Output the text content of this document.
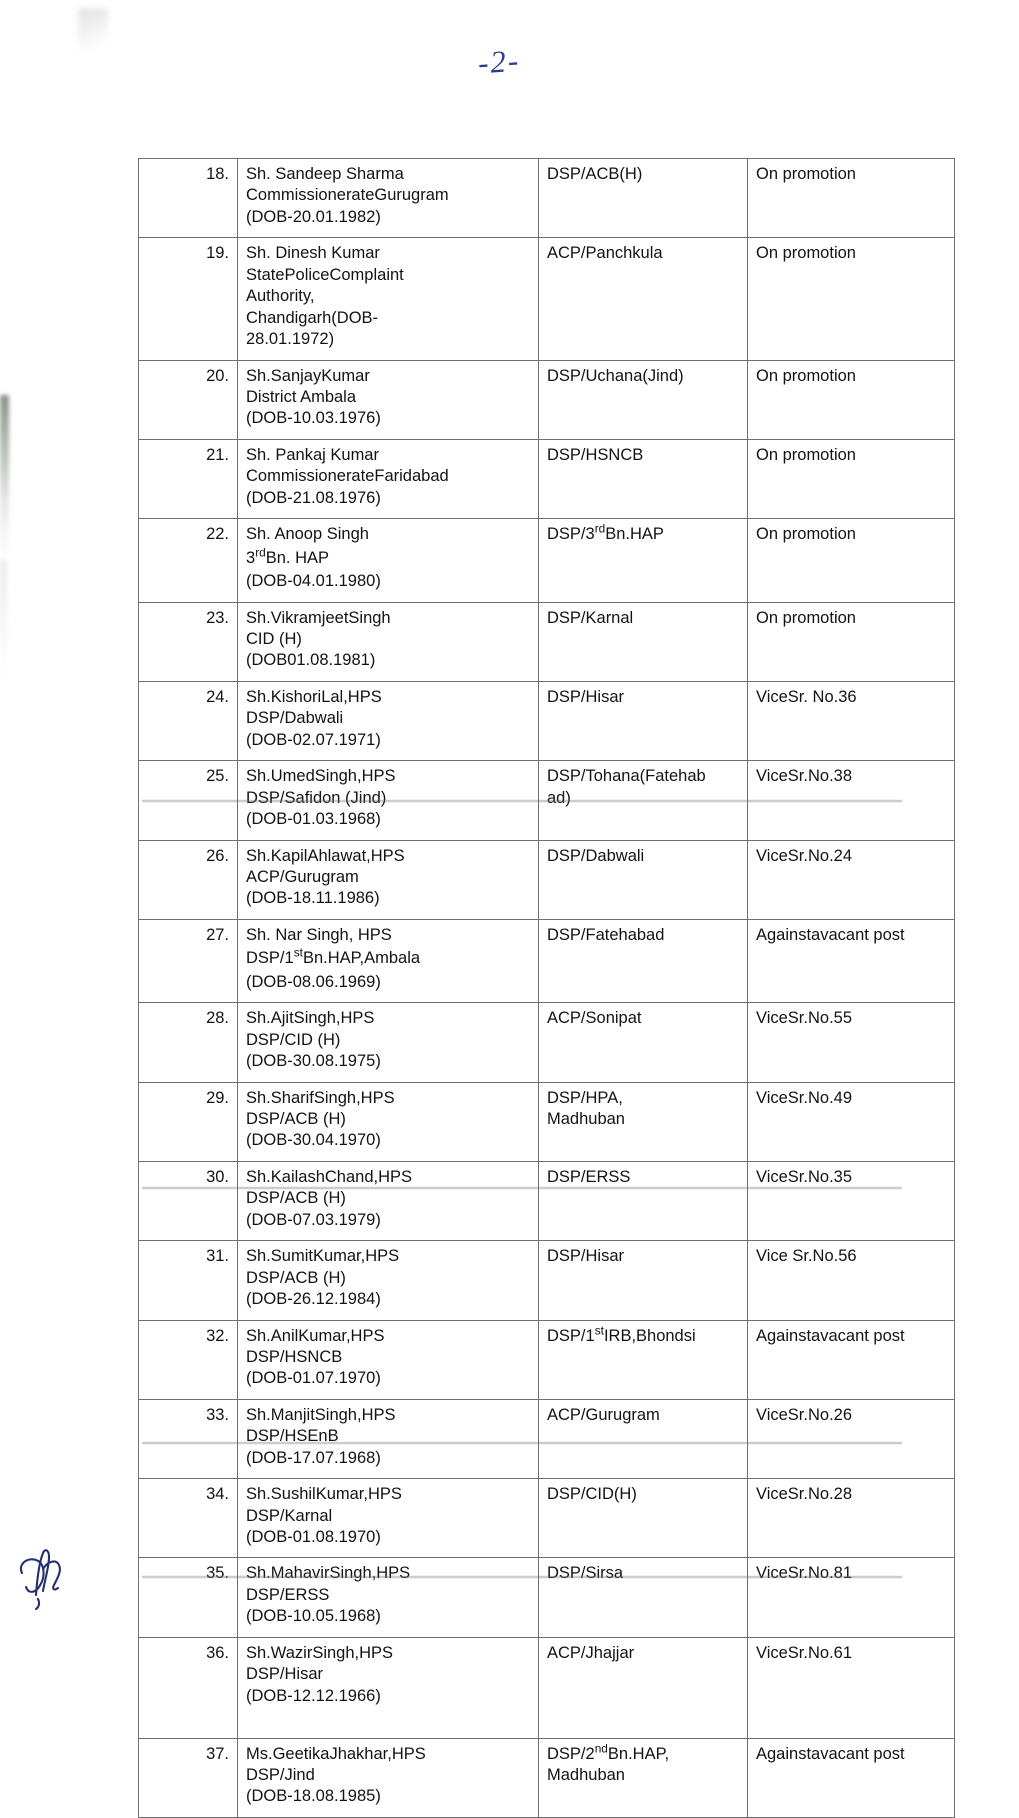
-2-
18.	Sh. Sandeep Sharma
CommissionerateGurugram
(DOB-20.01.1982)	DSP/ACB(H)	On promotion
19.	Sh. Dinesh Kumar
StatePoliceComplaint
Authority,
Chandigarh(DOB-
28.01.1972)	ACP/Panchkula	On promotion
20.	Sh.SanjayKumar
District Ambala
(DOB-10.03.1976)	DSP/Uchana(Jind)	On promotion
21.	Sh. Pankaj Kumar
CommissionerateFaridabad
(DOB-21.08.1976)	DSP/HSNCB	On promotion
22.	Sh. Anoop Singh
3rdBn. HAP
(DOB-04.01.1980)	DSP/3rdBn.HAP	On promotion
23.	Sh.VikramjeetSingh
CID (H)
(DOB01.08.1981)	DSP/Karnal	On promotion
24.	Sh.KishoriLal,HPS
DSP/Dabwali
(DOB-02.07.1971)	DSP/Hisar	ViceSr. No.36
25.	Sh.UmedSingh,HPS
DSP/Safidon (Jind)
(DOB-01.03.1968)	DSP/Tohana(Fatehab
ad)	ViceSr.No.38
26.	Sh.KapilAhlawat,HPS
ACP/Gurugram
(DOB-18.11.1986)	DSP/Dabwali	ViceSr.No.24
27.	Sh. Nar Singh, HPS
DSP/1stBn.HAP,Ambala
(DOB-08.06.1969)	DSP/Fatehabad	Againstavacant post
28.	Sh.AjitSingh,HPS
DSP/CID (H)
(DOB-30.08.1975)	ACP/Sonipat	ViceSr.No.55
29.	Sh.SharifSingh,HPS
DSP/ACB (H)
(DOB-30.04.1970)	DSP/HPA,
Madhuban	ViceSr.No.49
30.	Sh.KailashChand,HPS
DSP/ACB (H)
(DOB-07.03.1979)	DSP/ERSS	ViceSr.No.35
31.	Sh.SumitKumar,HPS
DSP/ACB (H)
(DOB-26.12.1984)	DSP/Hisar	Vice Sr.No.56
32.	Sh.AnilKumar,HPS
DSP/HSNCB
(DOB-01.07.1970)	DSP/1stIRB,Bhondsi	Againstavacant post
33.	Sh.ManjitSingh,HPS
DSP/HSEnB
(DOB-17.07.1968)	ACP/Gurugram	ViceSr.No.26
34.	Sh.SushilKumar,HPS
DSP/Karnal
(DOB-01.08.1970)	DSP/CID(H)	ViceSr.No.28
35.	Sh.MahavirSingh,HPS
DSP/ERSS
(DOB-10.05.1968)	DSP/Sirsa	ViceSr.No.81
36.	Sh.WazirSingh,HPS
DSP/Hisar
(DOB-12.12.1966)	ACP/Jhajjar	ViceSr.No.61
37.	Ms.GeetikaJhakhar,HPS
DSP/Jind
(DOB-18.08.1985)	DSP/2ndBn.HAP,
Madhuban	Againstavacant post
